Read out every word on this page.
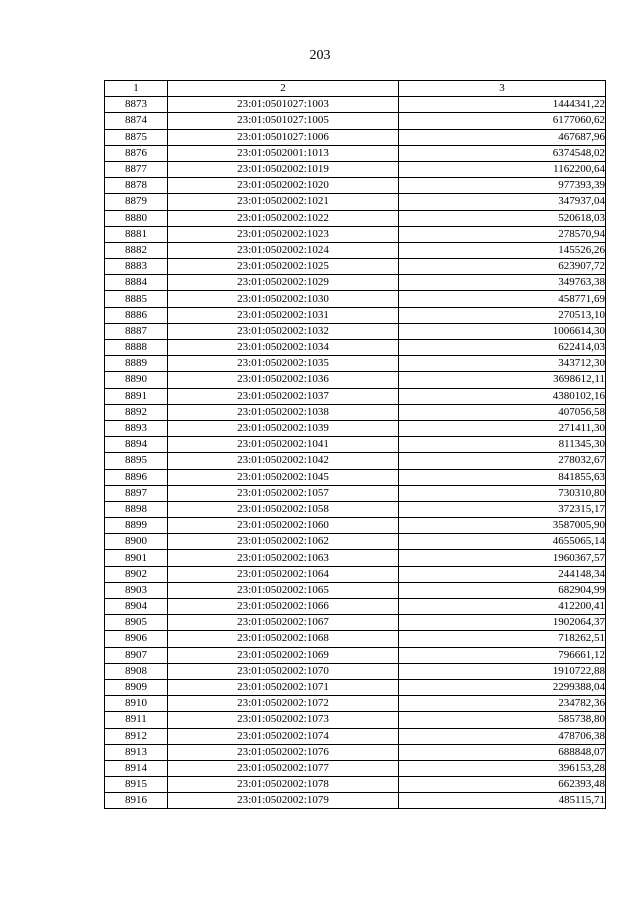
203
1	2	3
8873	23:01:0501027:1003	1444341,22
8874	23:01:0501027:1005	6177060,62
8875	23:01:0501027:1006	467687,96
8876	23:01:0502001:1013	6374548,02
8877	23:01:0502002:1019	1162200,64
8878	23:01:0502002:1020	977393,39
8879	23:01:0502002:1021	347937,04
8880	23:01:0502002:1022	520618,03
8881	23:01:0502002:1023	278570,94
8882	23:01:0502002:1024	145526,26
8883	23:01:0502002:1025	623907,72
8884	23:01:0502002:1029	349763,38
8885	23:01:0502002:1030	458771,69
8886	23:01:0502002:1031	270513,10
8887	23:01:0502002:1032	1006614,30
8888	23:01:0502002:1034	622414,03
8889	23:01:0502002:1035	343712,30
8890	23:01:0502002:1036	3698612,11
8891	23:01:0502002:1037	4380102,16
8892	23:01:0502002:1038	407056,58
8893	23:01:0502002:1039	271411,30
8894	23:01:0502002:1041	811345,30
8895	23:01:0502002:1042	278032,67
8896	23:01:0502002:1045	841855,63
8897	23:01:0502002:1057	730310,80
8898	23:01:0502002:1058	372315,17
8899	23:01:0502002:1060	3587005,90
8900	23:01:0502002:1062	4655065,14
8901	23:01:0502002:1063	1960367,57
8902	23:01:0502002:1064	244148,34
8903	23:01:0502002:1065	682904,99
8904	23:01:0502002:1066	412200,41
8905	23:01:0502002:1067	1902064,37
8906	23:01:0502002:1068	718262,51
8907	23:01:0502002:1069	796661,12
8908	23:01:0502002:1070	1910722,88
8909	23:01:0502002:1071	2299388,04
8910	23:01:0502002:1072	234782,36
8911	23:01:0502002:1073	585738,80
8912	23:01:0502002:1074	478706,38
8913	23:01:0502002:1076	688848,07
8914	23:01:0502002:1077	396153,28
8915	23:01:0502002:1078	662393,48
8916	23:01:0502002:1079	485115,71
